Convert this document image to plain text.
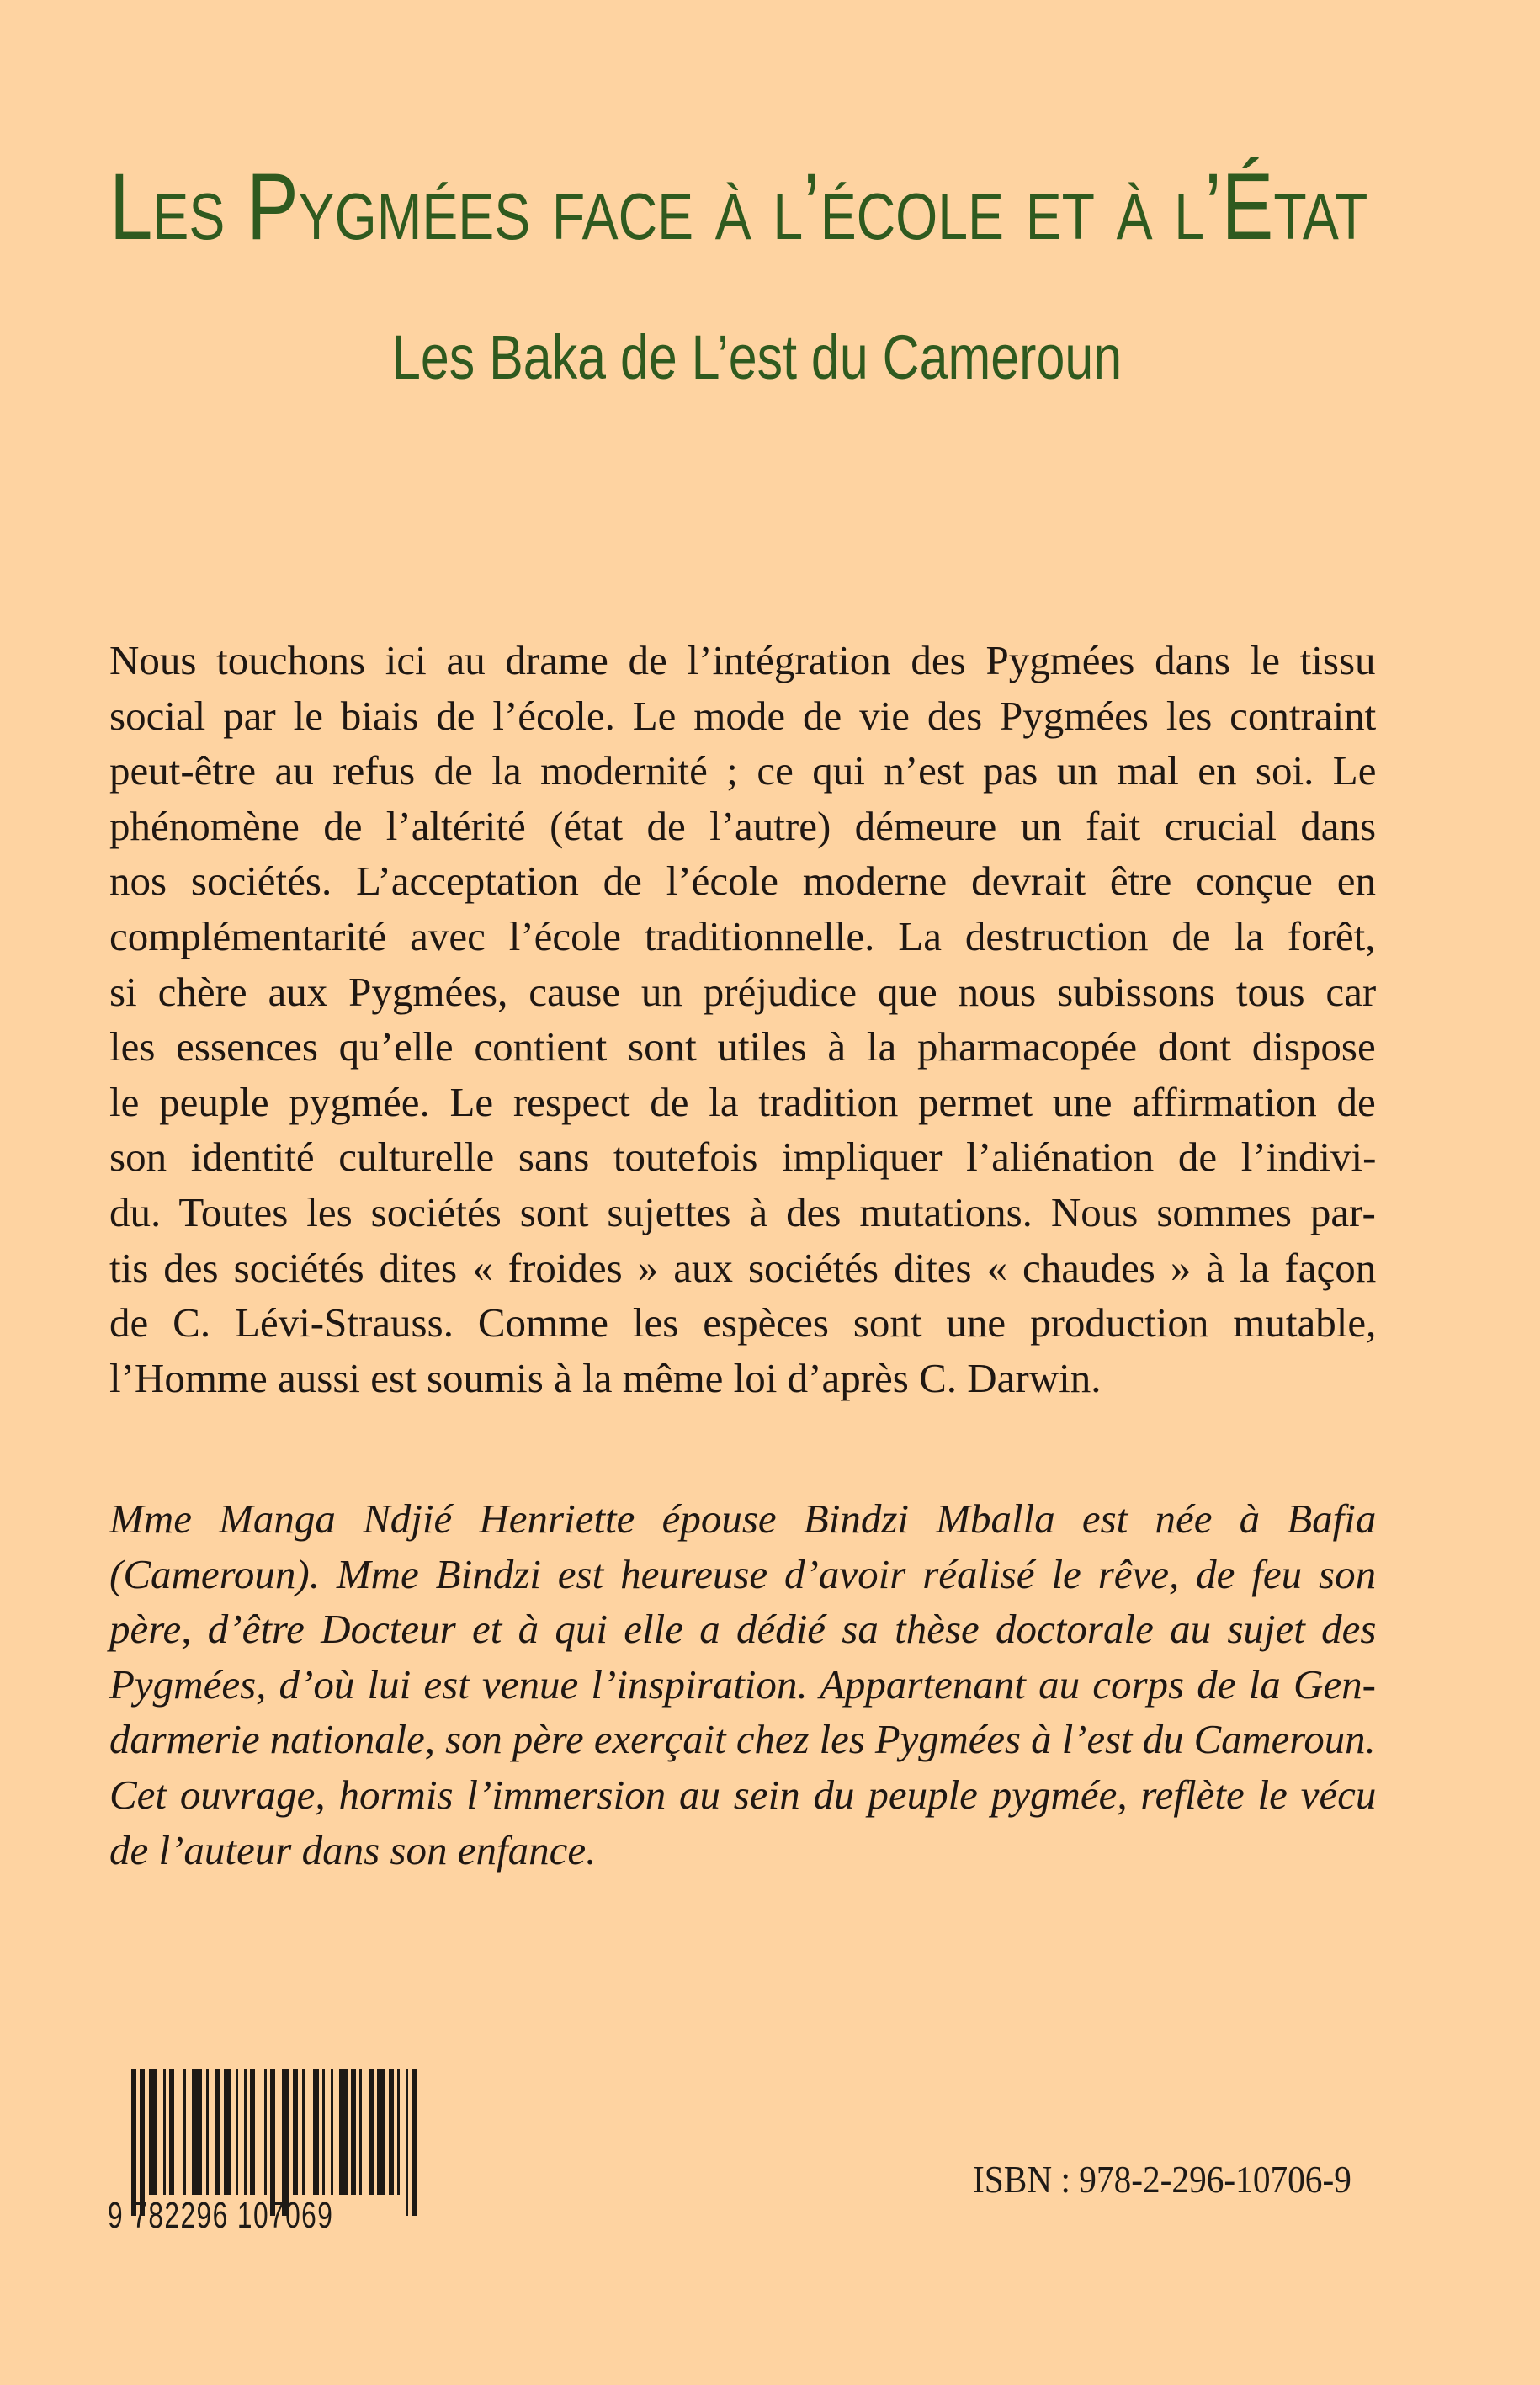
Les Pygmées face à l’école et à l’État
Les Baka de L’est du Cameroun
Nous touchons ici au drame de l’intégration des Pygmées dans le tissu
social par le biais de l’école. Le mode de vie des Pygmées les contraint
peut-être au refus de la modernité ; ce qui n’est pas un mal en soi. Le
phénomène de l’altérité (état de l’autre) démeure un fait crucial dans
nos sociétés. L’acceptation de l’école moderne devrait être conçue en
complémentarité avec l’école traditionnelle. La destruction de la forêt,
si chère aux Pygmées, cause un préjudice que nous subissons tous car
les essences qu’elle contient sont utiles à la pharmacopée dont dispose
le peuple pygmée. Le respect de la tradition permet une affirmation de
son identité culturelle sans toutefois impliquer l’aliénation de l’indivi-
du. Toutes les sociétés sont sujettes à des mutations. Nous sommes par-
tis des sociétés dites « froides » aux sociétés dites « chaudes » à la façon
de C. Lévi-Strauss. Comme les espèces sont une production mutable,
l’Homme aussi est soumis à la même loi d’après C. Darwin.
Mme Manga Ndjié Henriette épouse Bindzi Mballa est née à Bafia
(Cameroun). Mme Bindzi est heureuse d’avoir réalisé le rêve, de feu son
père, d’être Docteur et à qui elle a dédié sa thèse doctorale au sujet des
Pygmées, d’où lui est venue l’inspiration. Appartenant au corps de la Gen-
darmerie nationale, son père exerçait chez les Pygmées à l’est du Cameroun.
Cet ouvrage, hormis l’immersion au sein du peuple pygmée, reflète le vécu
de l’auteur dans son enfance.
9 782296 107069
ISBN : 978-2-296-10706-9
